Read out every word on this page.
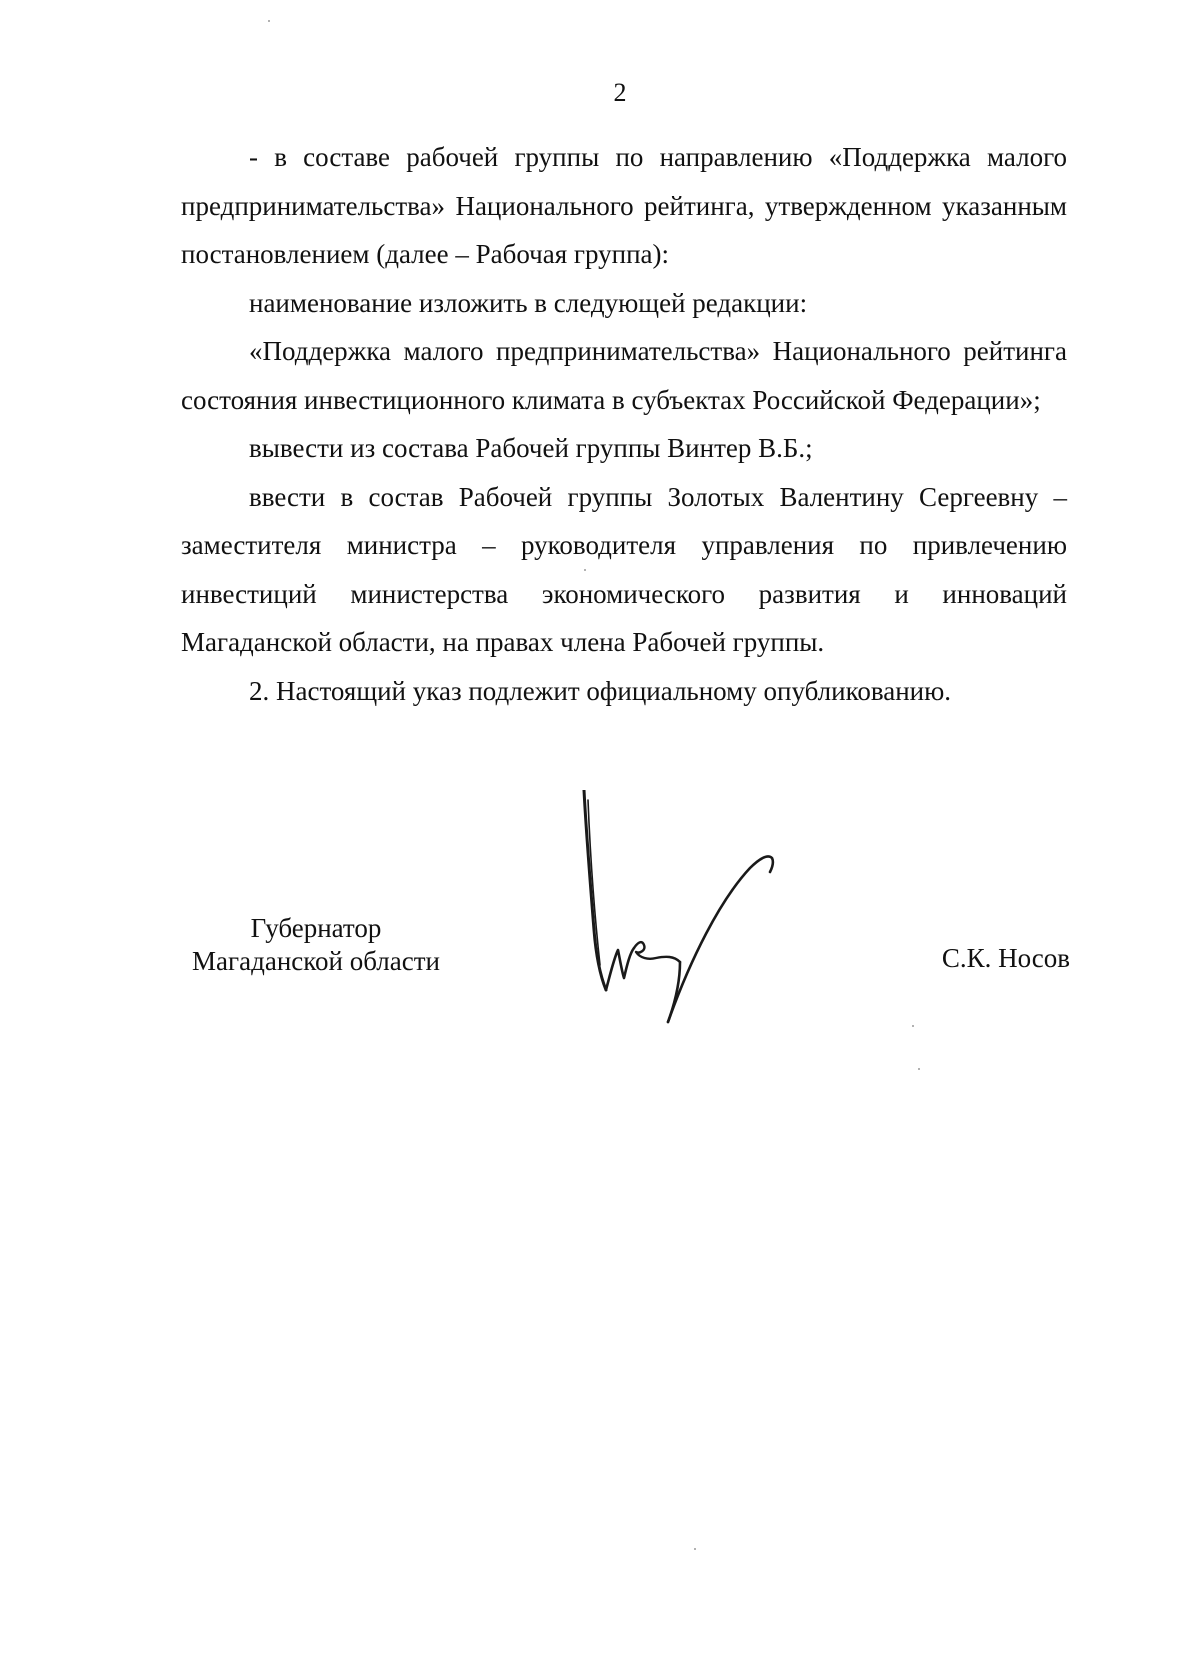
2

- в составе рабочей группы по направлению «Поддержка малого предпринимательства» Национального рейтинга, утвержденном указанным постановлением (далее – Рабочая группа):

наименование изложить в следующей редакции:

«Поддержка малого предпринимательства» Национального рейтинга состояния инвестиционного климата в субъектах Российской Федерации»;

вывести из состава Рабочей группы Винтер В.Б.;

ввести в состав Рабочей группы Золотых Валентину Сергеевну – заместителя министра – руководителя управления по привлечению инвестиций министерства экономического развития и инноваций Магаданской области, на правах члена Рабочей группы.

2. Настоящий указ подлежит официальному опубликованию.

Губернатор
Магаданской области	С.К. Носов
